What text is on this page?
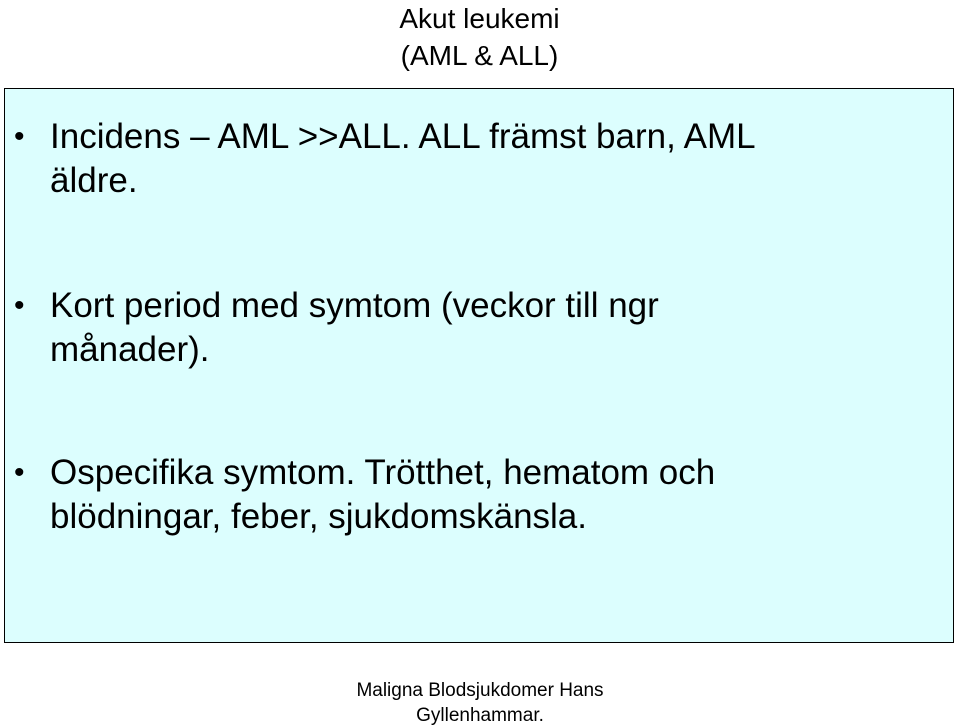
Akut leukemi
(AML & ALL)
• Incidens – AML >>ALL. ALL främst barn, AML
äldre.
• Kort period med symtom (veckor till ngr
månader).
• Ospecifika symtom. Trötthet, hematom och
blödningar, feber, sjukdomskänsla.
Maligna Blodsjukdomer Hans
Gyllenhammar.
